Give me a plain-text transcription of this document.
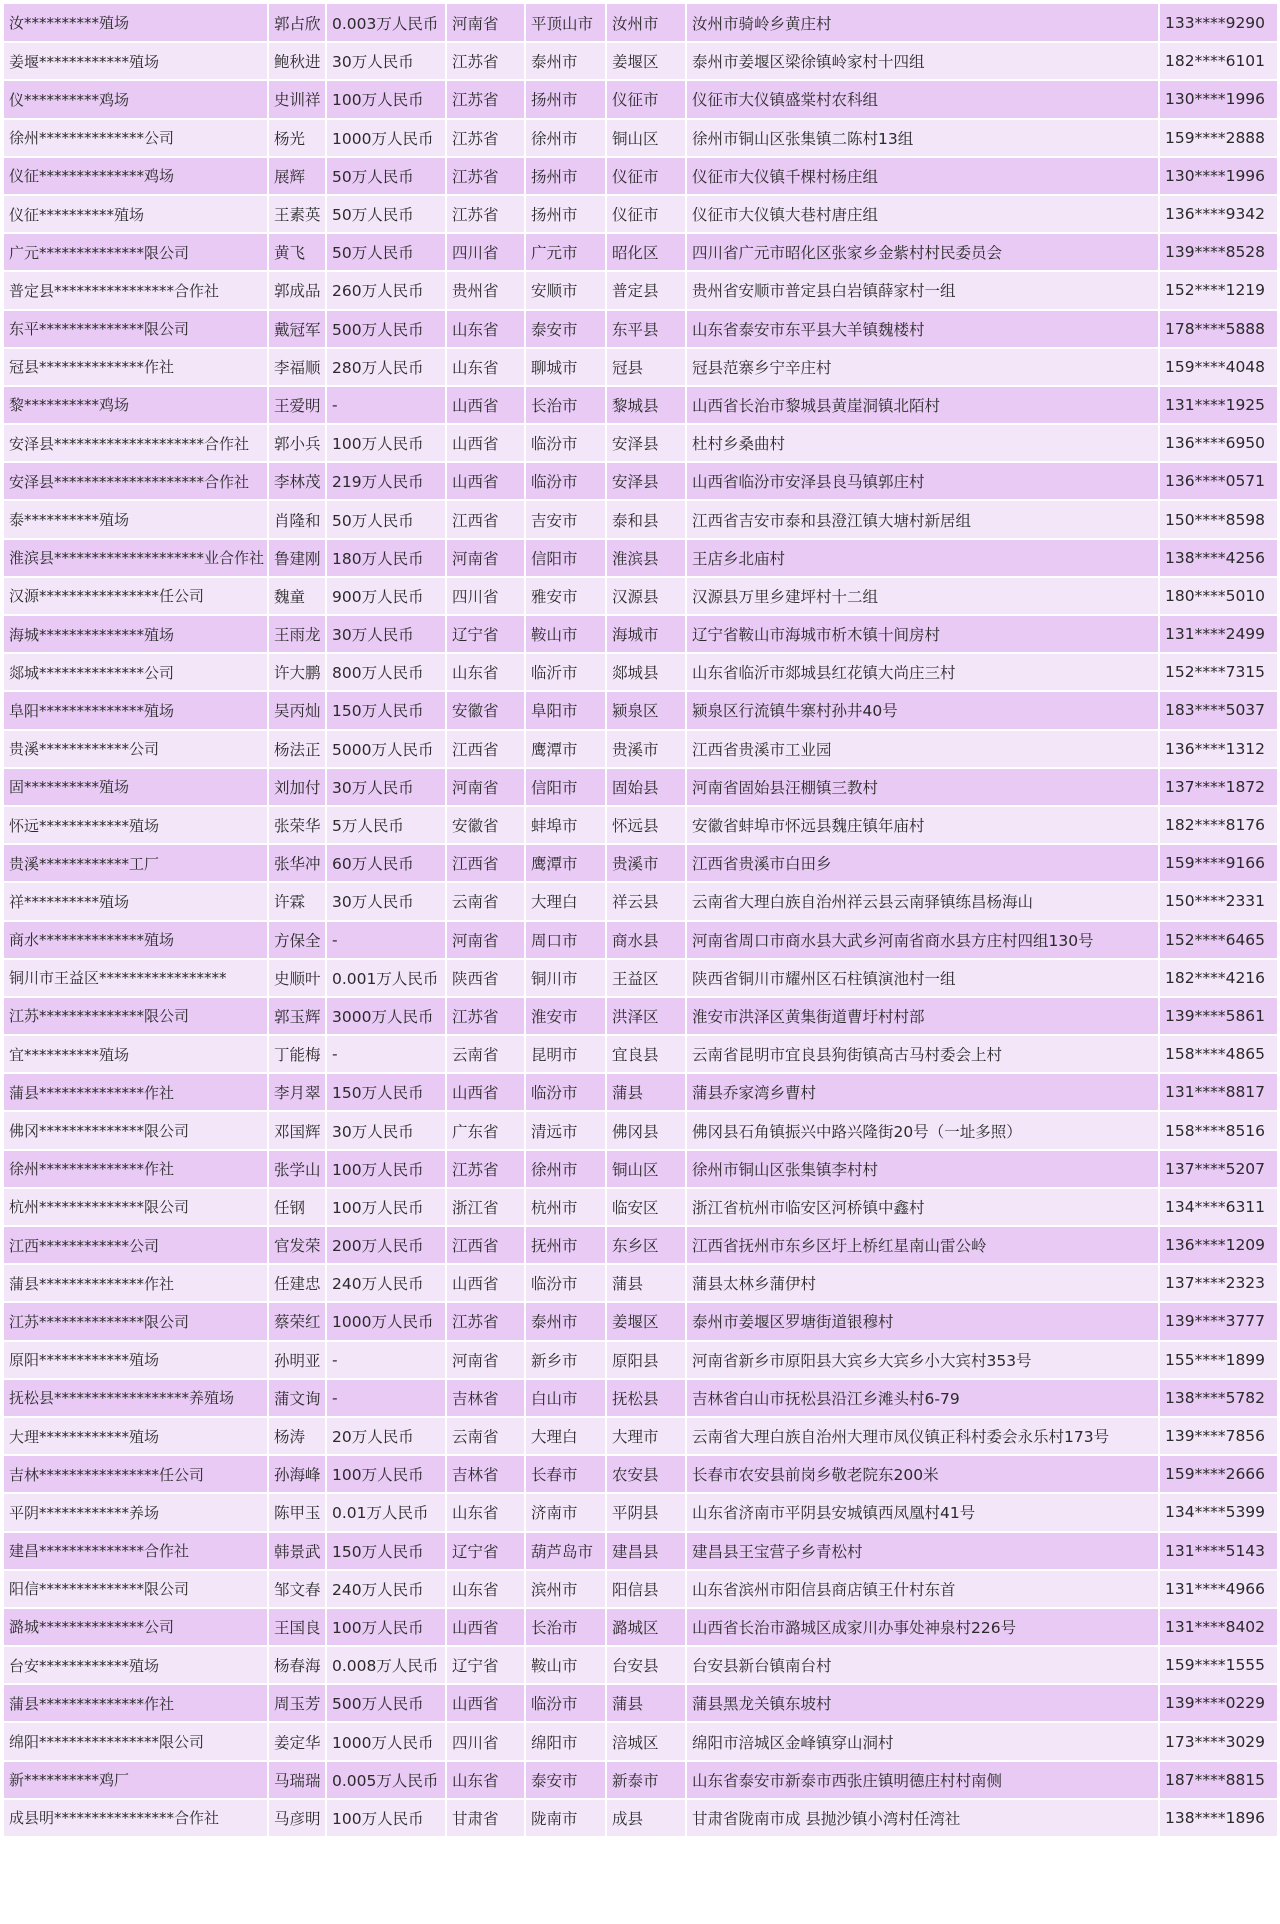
汝**********殖场	郭占欣	0.003万人民币	河南省	平顶山市	汝州市	汝州市骑岭乡黄庄村	133****9290
姜堰************殖场	鲍秋进	30万人民币	江苏省	泰州市	姜堰区	泰州市姜堰区梁徐镇岭家村十四组	182****6101
仪**********鸡场	史训祥	100万人民币	江苏省	扬州市	仪征市	仪征市大仪镇盛棠村农科组	130****1996
徐州**************公司	杨光	1000万人民币	江苏省	徐州市	铜山区	徐州市铜山区张集镇二陈村13组	159****2888
仪征**************鸡场	展辉	50万人民币	江苏省	扬州市	仪征市	仪征市大仪镇千棵村杨庄组	130****1996
仪征**********殖场	王素英	50万人民币	江苏省	扬州市	仪征市	仪征市大仪镇大巷村唐庄组	136****9342
广元**************限公司	黄飞	50万人民币	四川省	广元市	昭化区	四川省广元市昭化区张家乡金紫村村民委员会	139****8528
普定县****************合作社	郭成品	260万人民币	贵州省	安顺市	普定县	贵州省安顺市普定县白岩镇薛家村一组	152****1219
东平**************限公司	戴冠军	500万人民币	山东省	泰安市	东平县	山东省泰安市东平县大羊镇魏楼村	178****5888
冠县**************作社	李福顺	280万人民币	山东省	聊城市	冠县	冠县范寨乡宁辛庄村	159****4048
黎**********鸡场	王爱明	-	山西省	长治市	黎城县	山西省长治市黎城县黄崖洞镇北陌村	131****1925
安泽县********************合作社	郭小兵	100万人民币	山西省	临汾市	安泽县	杜村乡桑曲村	136****6950
安泽县********************合作社	李林茂	219万人民币	山西省	临汾市	安泽县	山西省临汾市安泽县良马镇郭庄村	136****0571
泰**********殖场	肖隆和	50万人民币	江西省	吉安市	泰和县	江西省吉安市泰和县澄江镇大塘村新居组	150****8598
淮滨县********************业合作社	鲁建刚	180万人民币	河南省	信阳市	淮滨县	王店乡北庙村	138****4256
汉源****************任公司	魏童	900万人民币	四川省	雅安市	汉源县	汉源县万里乡建坪村十二组	180****5010
海城**************殖场	王雨龙	30万人民币	辽宁省	鞍山市	海城市	辽宁省鞍山市海城市析木镇十间房村	131****2499
郯城**************公司	许大鹏	800万人民币	山东省	临沂市	郯城县	山东省临沂市郯城县红花镇大尚庄三村	152****7315
阜阳**************殖场	吴丙灿	150万人民币	安徽省	阜阳市	颍泉区	颍泉区行流镇牛寨村孙井40号	183****5037
贵溪************公司	杨法正	5000万人民币	江西省	鹰潭市	贵溪市	江西省贵溪市工业园	136****1312
固**********殖场	刘加付	30万人民币	河南省	信阳市	固始县	河南省固始县汪棚镇三教村	137****1872
怀远************殖场	张荣华	5万人民币	安徽省	蚌埠市	怀远县	安徽省蚌埠市怀远县魏庄镇年庙村	182****8176
贵溪************工厂	张华冲	60万人民币	江西省	鹰潭市	贵溪市	江西省贵溪市白田乡	159****9166
祥**********殖场	许霖	30万人民币	云南省	大理白	祥云县	云南省大理白族自治州祥云县云南驿镇练昌杨海山	150****2331
商水**************殖场	方保全	-	河南省	周口市	商水县	河南省周口市商水县大武乡河南省商水县方庄村四组130号	152****6465
铜川市王益区*****************	史顺叶	0.001万人民币	陕西省	铜川市	王益区	陕西省铜川市耀州区石柱镇演池村一组	182****4216
江苏**************限公司	郭玉辉	3000万人民币	江苏省	淮安市	洪泽区	淮安市洪泽区黄集街道曹圩村村部	139****5861
宜**********殖场	丁能梅	-	云南省	昆明市	宜良县	云南省昆明市宜良县狗街镇高古马村委会上村	158****4865
蒲县**************作社	李月翠	150万人民币	山西省	临汾市	蒲县	蒲县乔家湾乡曹村	131****8817
佛冈**************限公司	邓国辉	30万人民币	广东省	清远市	佛冈县	佛冈县石角镇振兴中路兴隆街20号（一址多照）	158****8516
徐州**************作社	张学山	100万人民币	江苏省	徐州市	铜山区	徐州市铜山区张集镇李村村	137****5207
杭州**************限公司	任钢	100万人民币	浙江省	杭州市	临安区	浙江省杭州市临安区河桥镇中鑫村	134****6311
江西************公司	官发荣	200万人民币	江西省	抚州市	东乡区	江西省抚州市东乡区圩上桥红星南山雷公岭	136****1209
蒲县**************作社	任建忠	240万人民币	山西省	临汾市	蒲县	蒲县太林乡蒲伊村	137****2323
江苏**************限公司	蔡荣红	1000万人民币	江苏省	泰州市	姜堰区	泰州市姜堰区罗塘街道银穆村	139****3777
原阳************殖场	孙明亚	-	河南省	新乡市	原阳县	河南省新乡市原阳县大宾乡大宾乡小大宾村353号	155****1899
抚松县******************养殖场	蒲文询	-	吉林省	白山市	抚松县	吉林省白山市抚松县沿江乡滩头村6-79	138****5782
大理************殖场	杨涛	20万人民币	云南省	大理白	大理市	云南省大理白族自治州大理市凤仪镇正科村委会永乐村173号	139****7856
吉林****************任公司	孙海峰	100万人民币	吉林省	长春市	农安县	长春市农安县前岗乡敬老院东200米	159****2666
平阴************养场	陈甲玉	0.01万人民币	山东省	济南市	平阴县	山东省济南市平阴县安城镇西凤凰村41号	134****5399
建昌**************合作社	韩景武	150万人民币	辽宁省	葫芦岛市	建昌县	建昌县王宝营子乡青松村	131****5143
阳信**************限公司	邹文春	240万人民币	山东省	滨州市	阳信县	山东省滨州市阳信县商店镇王什村东首	131****4966
潞城**************公司	王国良	100万人民币	山西省	长治市	潞城区	山西省长治市潞城区成家川办事处神泉村226号	131****8402
台安************殖场	杨春海	0.008万人民币	辽宁省	鞍山市	台安县	台安县新台镇南台村	159****1555
蒲县**************作社	周玉芳	500万人民币	山西省	临汾市	蒲县	蒲县黑龙关镇东坡村	139****0229
绵阳****************限公司	姜定华	1000万人民币	四川省	绵阳市	涪城区	绵阳市涪城区金峰镇穿山洞村	173****3029
新**********鸡厂	马瑞瑞	0.005万人民币	山东省	泰安市	新泰市	山东省泰安市新泰市西张庄镇明德庄村村南侧	187****8815
成县明****************合作社	马彦明	100万人民币	甘肃省	陇南市	成县	甘肃省陇南市成 县抛沙镇小湾村任湾社	138****1896
